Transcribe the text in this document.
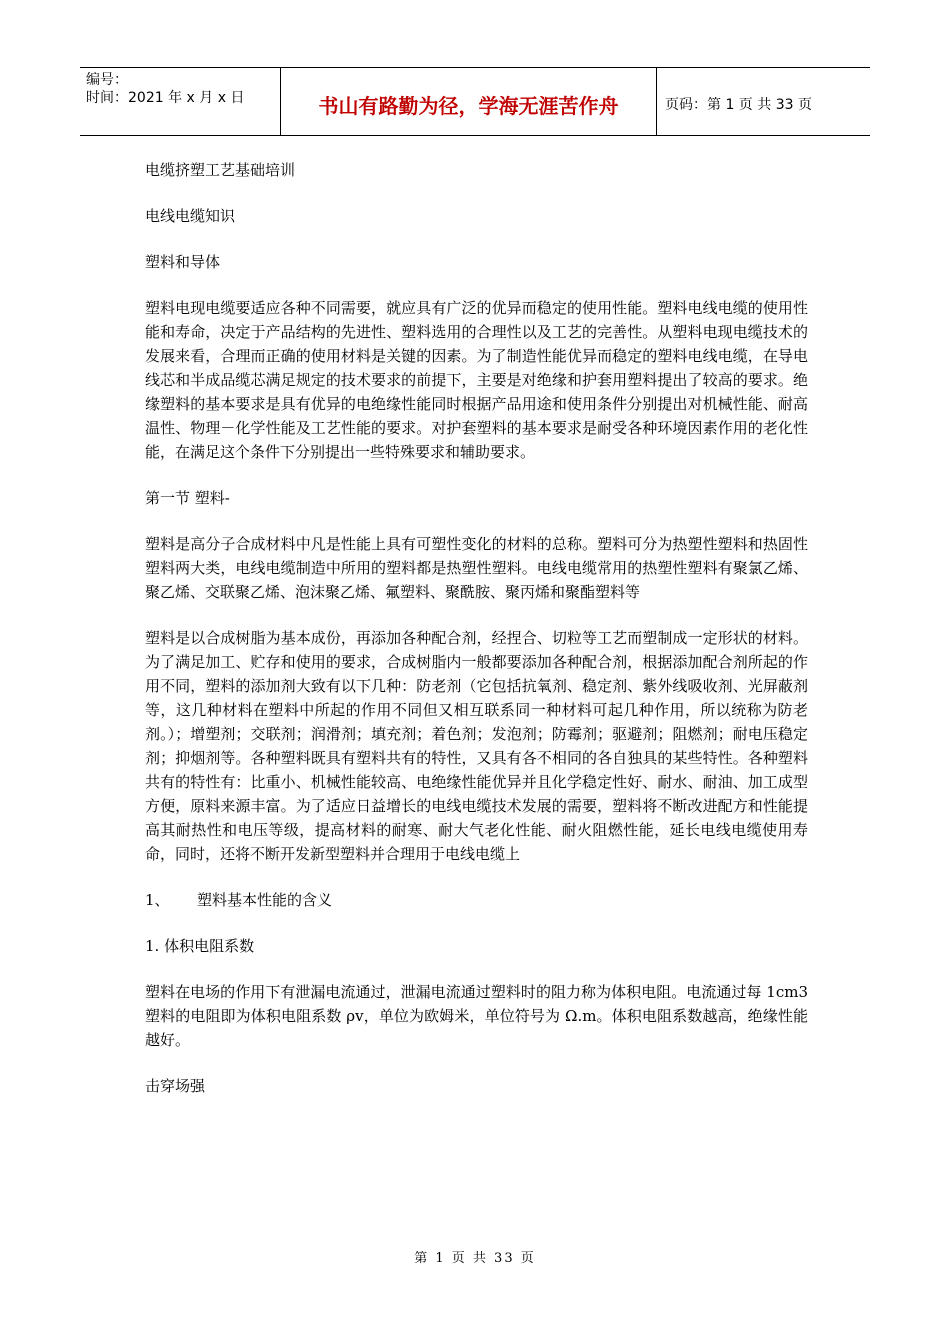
编号：
时间：2021 年 x 月 x 日	书山有路勤为径，学海无涯苦作舟	页码：第 1 页 共 33 页

电缆挤塑工艺基础培训

电线电缆知识

塑料和导体

塑料电现电缆要适应各种不同需要，就应具有广泛的优异而稳定的使用性能。塑料电线电缆的使用性能和寿命，决定于产品结构的先进性、塑料选用的合理性以及工艺的完善性。从塑料电现电缆技术的发展来看，合理而正确的使用材料是关键的因素。为了制造性能优异而稳定的塑料电线电缆，在导电线芯和半成品缆芯满足规定的技术要求的前提下，主要是对绝缘和护套用塑料提出了较高的要求。绝缘塑料的基本要求是具有优异的电绝缘性能同时根据产品用途和使用条件分别提出对机械性能、耐高温性、物理－化学性能及工艺性能的要求。对护套塑料的基本要求是耐受各种环境因素作用的老化性能，在满足这个条件下分别提出一些特殊要求和辅助要求。

第一节 塑料-

塑料是高分子合成材料中凡是性能上具有可塑性变化的材料的总称。塑料可分为热塑性塑料和热固性塑料两大类，电线电缆制造中所用的塑料都是热塑性塑料。电线电缆常用的热塑性塑料有聚氯乙烯、聚乙烯、交联聚乙烯、泡沫聚乙烯、氟塑料、聚酰胺、聚丙烯和聚酯塑料等

塑料是以合成树脂为基本成份，再添加各种配合剂，经捏合、切粒等工艺而塑制成一定形状的材料。为了满足加工、贮存和使用的要求，合成树脂内一般都要添加各种配合剂，根据添加配合剂所起的作用不同，塑料的添加剂大致有以下几种：防老剂（它包括抗氧剂、稳定剂、紫外线吸收剂、光屏蔽剂等，这几种材料在塑料中所起的作用不同但又相互联系同一种材料可起几种作用，所以统称为防老剂。）；增塑剂；交联剂；润滑剂；填充剂；着色剂；发泡剂；防霉剂；驱避剂；阻燃剂；耐电压稳定剂；抑烟剂等。各种塑料既具有塑料共有的特性，又具有各不相同的各自独具的某些特性。各种塑料共有的特性有：比重小、机械性能较高、电绝缘性能优异并且化学稳定性好、耐水、耐油、加工成型方便，原料来源丰富。为了适应日益增长的电线电缆技术发展的需要，塑料将不断改进配方和性能提高其耐热性和电压等级，提高材料的耐寒、耐大气老化性能、耐火阻燃性能，延长电线电缆使用寿命，同时，还将不断开发新型塑料并合理用于电线电缆上

1、 塑料基本性能的含义

1. 体积电阻系数

塑料在电场的作用下有泄漏电流通过，泄漏电流通过塑料时的阻力称为体积电阻。电流通过每 1cm3 塑料的电阻即为体积电阻系数 ρv，单位为欧姆米，单位符号为 Ω.m。体积电阻系数越高，绝缘性能越好。

击穿场强

第 1 页 共 33 页
